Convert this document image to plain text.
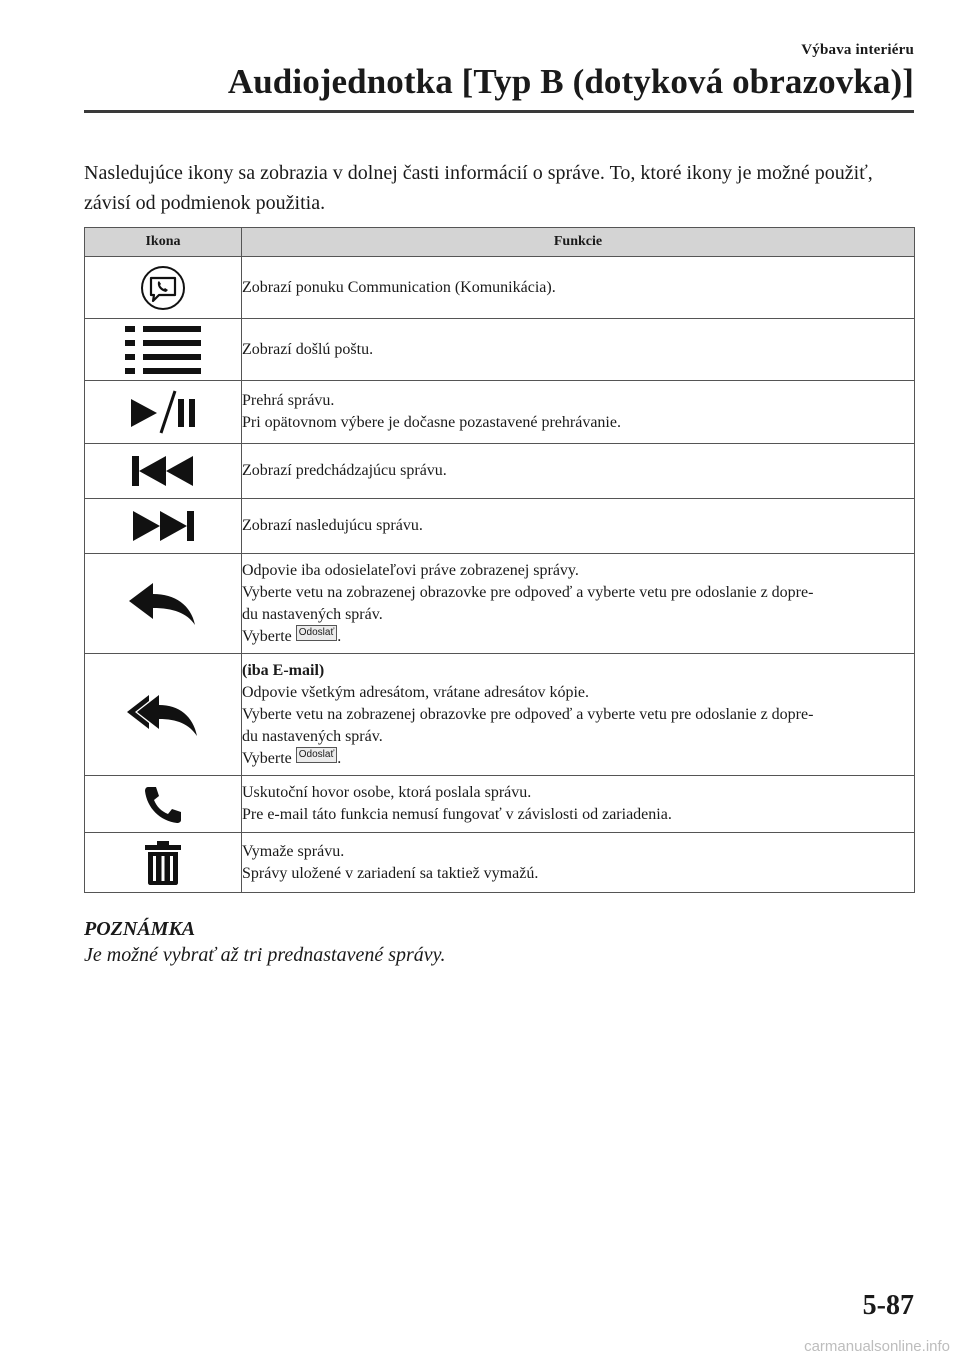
Výbava interiéru
Audiojednotka [Typ B (dotyková obrazovka)]
Nasledujúce ikony sa zobrazia v dolnej časti informácií o správe. To, ktoré ikony je možné použiť, závisí od podmienok použitia.
Ikona	Funkcie

Zobrazí ponuku Communication (Komunikácia).

Zobrazí došlú poštu.

Prehrá správu.
Pri opätovnom výbere je dočasne pozastavené prehrávanie.

Zobrazí predchádzajúcu správu.

Zobrazí nasledujúcu správu.

Odpovie iba odosielateľovi práve zobrazenej správy.
Vyberte vetu na zobrazenej obrazovke pre odpoveď a vyberte vetu pre odoslanie z dopre-
du nastavených správ.
Vyberte Odoslať .

(iba E-mail)
Odpovie všetkým adresátom, vrátane adresátov kópie.
Vyberte vetu na zobrazenej obrazovke pre odpoveď a vyberte vetu pre odoslanie z dopre-
du nastavených správ.
Vyberte Odoslať .

Uskutoční hovor osobe, ktorá poslala správu.
Pre e-mail táto funkcia nemusí fungovať v závislosti od zariadenia.

Vymaže správu.
Správy uložené v zariadení sa taktiež vymažú.
POZNÁMKA
Je možné vybrať až tri prednastavené správy.
5-87
carmanualsonline.info
